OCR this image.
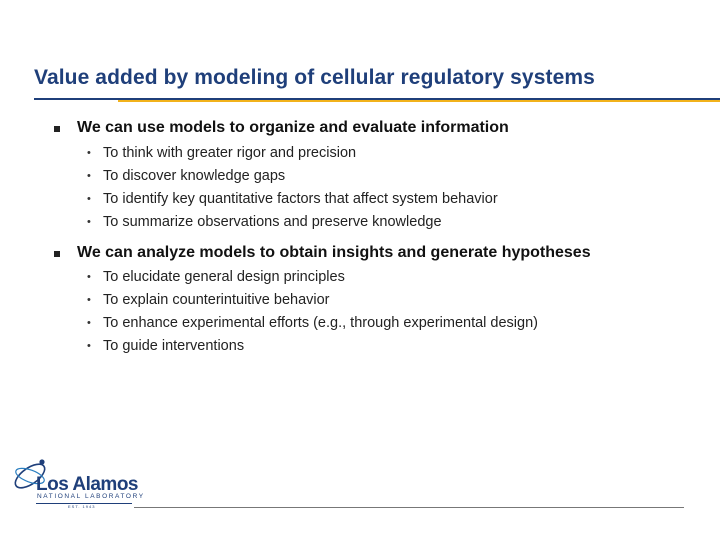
Value added by modeling of cellular regulatory systems
We can use models to organize and evaluate information
• To think with greater rigor and precision
• To discover knowledge gaps
• To identify key quantitative factors that affect system behavior
• To summarize observations and preserve knowledge
We can analyze models to obtain insights and generate hypotheses
• To elucidate general design principles
• To explain counterintuitive behavior
• To enhance experimental efforts (e.g., through experimental design)
• To guide interventions
Los Alamos
NATIONAL LABORATORY
EST. 1943
